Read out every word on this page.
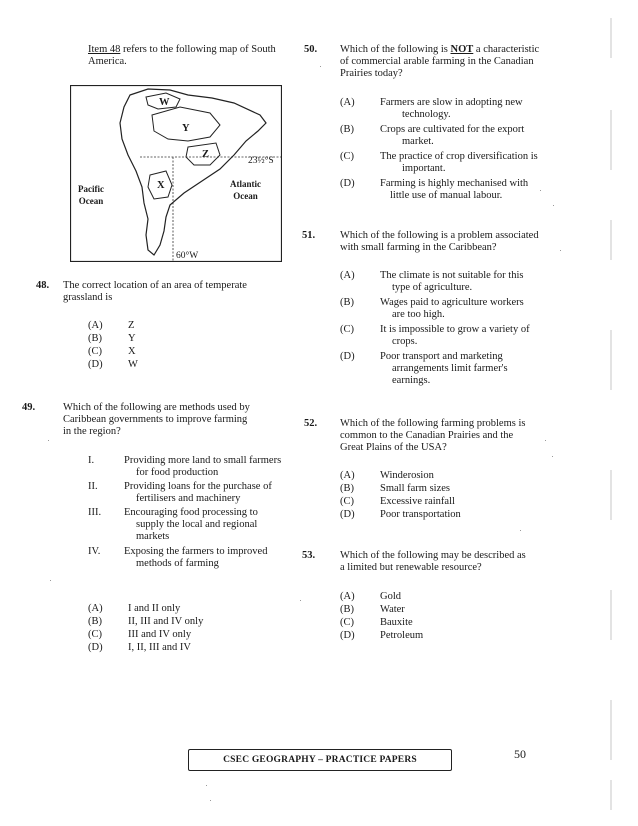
Item 48 refers to the following map of South America.
W
Y
Z
X
23½°S
60°W
Pacific
Ocean
Atlantic
Ocean
48. The correct location of an area of temperate
grassland is
(A)	Z
(B)	Y
(C)	X
(D)	W
49.	Which of the following are methods used by
Caribbean governments to improve farming
in the region?
I.	Providing more land to small farmers
for food production
II.	Providing loans for the purchase of
fertilisers and machinery
III. Encouraging food processing to
supply the local and regional
markets
IV. Exposing the farmers to improved
methods of farming
(A)	I and II only
(B)	II, III and IV only
(C)	III and IV only
(D)	I, II, III and IV
50. Which of the following is NOT a characteristic
of commercial arable farming in the Canadian
Prairies today?
(A)	Farmers are slow in adopting new
technology.
(B)	Crops are cultivated for the export
market.
(C)	The practice of crop diversification is
important.
(D)	Farming is highly mechanised with
little use of manual labour.
51. Which of the following is a problem associated
with small farming in the Caribbean?
(A)	The climate is not suitable for this
type of agriculture.
(B)	Wages paid to agriculture workers
are too high.
(C)	It is impossible to grow a variety of
crops.
(D)	Poor transport and marketing
arrangements limit farmer's
earnings.
52. Which of the following farming problems is
common to the Canadian Prairies and the
Great Plains of the USA?
(A)	Winderosion
(B)	Small farm sizes
(C)	Excessive rainfall
(D)	Poor transportation
53. Which of the following may be described as
a limited but renewable resource?
(A)	Gold
(B)	Water
(C)	Bauxite
(D)	Petroleum
CSEC GEOGRAPHY – PRACTICE PAPERS	50
